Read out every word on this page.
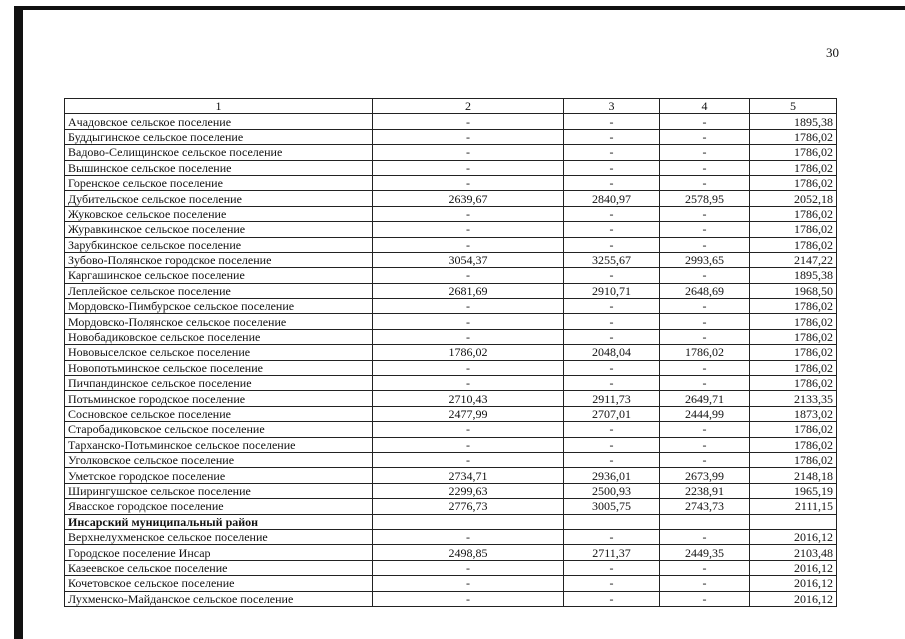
30
1	2	3	4	5
Ачадовское сельское поселение	-	-	-	1895,38
Буддыгинское сельское поселение	-	-	-	1786,02
Вадово-Селищинское сельское поселение	-	-	-	1786,02
Вышинское сельское поселение	-	-	-	1786,02
Горенское сельское поселение	-	-	-	1786,02
Дубительское сельское поселение	2639,67	2840,97	2578,95	2052,18
Жуковское сельское поселение	-	-	-	1786,02
Журавкинское сельское поселение	-	-	-	1786,02
Зарубкинское сельское поселение	-	-	-	1786,02
Зубово-Полянское городское поселение	3054,37	3255,67	2993,65	2147,22
Каргашинское сельское поселение	-	-	-	1895,38
Леплейское сельское поселение	2681,69	2910,71	2648,69	1968,50
Мордовско-Пимбурское сельское поселение	-	-	-	1786,02
Мордовско-Полянское сельское поселение	-	-	-	1786,02
Новобадиковское сельское поселение	-	-	-	1786,02
Нововыселское сельское поселение	1786,02	2048,04	1786,02	1786,02
Новопотьминское сельское поселение	-	-	-	1786,02
Пичпандинское сельское поселение	-	-	-	1786,02
Потьминское городское поселение	2710,43	2911,73	2649,71	2133,35
Сосновское сельское поселение	2477,99	2707,01	2444,99	1873,02
Старобадиковское сельское поселение	-	-	-	1786,02
Тарханско-Потьминское сельское поселение	-	-	-	1786,02
Уголковское сельское поселение	-	-	-	1786,02
Уметское городское поселение	2734,71	2936,01	2673,99	2148,18
Ширингушское сельское поселение	2299,63	2500,93	2238,91	1965,19
Явасское городское поселение	2776,73	3005,75	2743,73	2111,15
Инсарский муниципальный район				
Верхнелухменское сельское поселение	-	-	-	2016,12
Городское поселение Инсар	2498,85	2711,37	2449,35	2103,48
Казеевское сельское поселение	-	-	-	2016,12
Кочетовское сельское поселение	-	-	-	2016,12
Лухменско-Майданское сельское поселение	-	-	-	2016,12
